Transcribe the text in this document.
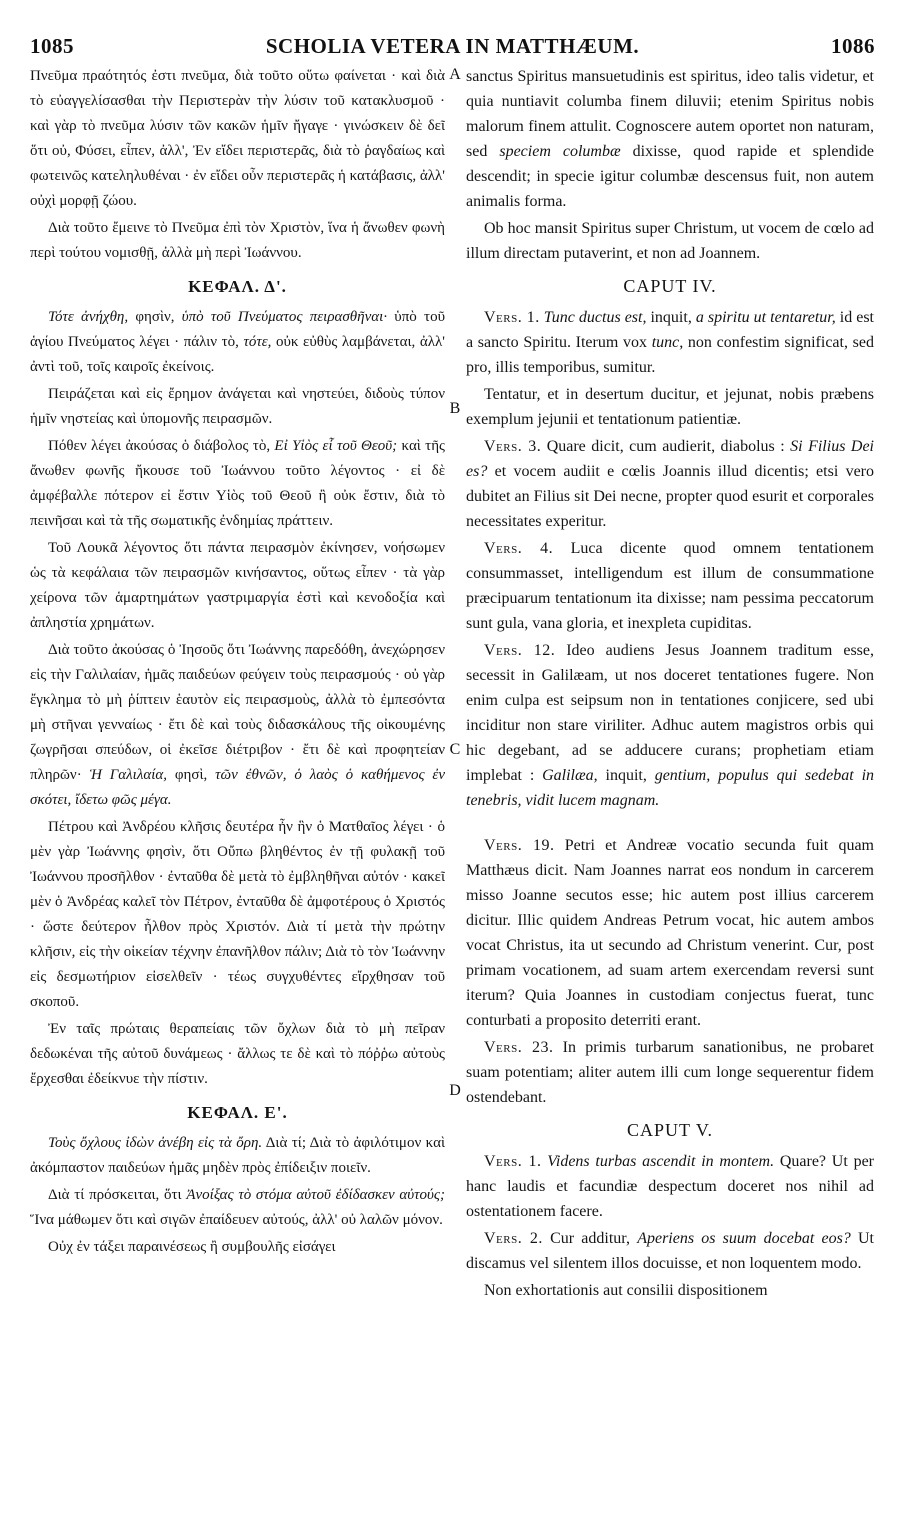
1085	SCHOLIA VETERA IN MATTHÆUM.	1086
A
B
C
D

Πνεῦμα πραότητός ἐστι πνεῦμα, διὰ τοῦτο οὕτω φαίνεται · καὶ διὰ τὸ εὐαγγελίσασθαι τὴν Περιστερὰν τὴν λύσιν τοῦ κατακλυσμοῦ · καὶ γὰρ τὸ πνεῦμα λύσιν τῶν κακῶν ἡμῖν ἤγαγε · γινώσκειν δὲ δεῖ ὅτι οὐ, Φύσει, εἶπεν, ἀλλ', Ἐν εἴδει περιστερᾶς, διὰ τὸ ῥαγδαίως καὶ φωτεινῶς κατεληλυθέναι · ἐν εἴδει οὖν περιστερᾶς ἡ κατάβασις, ἀλλ' οὐχὶ μορφῇ ζώου.

Διὰ τοῦτο ἔμεινε τὸ Πνεῦμα ἐπὶ τὸν Χριστὸν, ἵνα ἡ ἄνωθεν φωνὴ περὶ τούτου νομισθῇ, ἀλλὰ μὴ περὶ Ἰωάννου.

ΚΕΦΑΛ. Δ'.

Τότε ἀνήχθη, φησὶν, ὑπὸ τοῦ Πνεύματος πειρασθῆναι· ὑπὸ τοῦ ἁγίου Πνεύματος λέγει · πάλιν τὸ, τότε, οὐκ εὐθὺς λαμβάνεται, ἀλλ' ἀντὶ τοῦ, τοῖς καιροῖς ἐκείνοις.

Πειράζεται καὶ εἰς ἔρημον ἀνάγεται καὶ νηστεύει, διδοὺς τύπον ἡμῖν νηστείας καὶ ὑπομονῆς πειρασμῶν.

Πόθεν λέγει ἀκούσας ὁ διάβολος τὸ, Εἰ Υἱὸς εἶ τοῦ Θεοῦ; καὶ τῆς ἄνωθεν φωνῆς ἤκουσε τοῦ Ἰωάννου τοῦτο λέγοντος · εἰ δὲ ἀμφέβαλλε πότερον εἰ ἔστιν Υἱὸς τοῦ Θεοῦ ἢ οὐκ ἔστιν, διὰ τὸ πεινῆσαι καὶ τὰ τῆς σωματικῆς ἐνδημίας πράττειν.

Τοῦ Λουκᾶ λέγοντος ὅτι πάντα πειρασμὸν ἐκίνησεν, νοήσωμεν ὡς τὰ κεφάλαια τῶν πειρασμῶν κινήσαντος, οὕτως εἶπεν · τὰ γὰρ χείρονα τῶν ἁμαρτημάτων γαστριμαργία ἐστὶ καὶ κενοδοξία καὶ ἀπληστία χρημάτων.

Διὰ τοῦτο ἀκούσας ὁ Ἰησοῦς ὅτι Ἰωάννης παρεδόθη, ἀνεχώρησεν εἰς τὴν Γαλιλαίαν, ἡμᾶς παιδεύων φεύγειν τοὺς πειρασμούς · οὐ γὰρ ἔγκλημα τὸ μὴ ῥίπτειν ἑαυτὸν εἰς πειρασμοὺς, ἀλλὰ τὸ ἐμπεσόντα μὴ στῆναι γενναίως · ἔτι δὲ καὶ τοὺς διδασκάλους τῆς οἰκουμένης ζωγρῆσαι σπεύδων, οἱ ἐκεῖσε διέτριβον · ἔτι δὲ καὶ προφητείαν πληρῶν· Ἡ Γαλιλαία, φησὶ, τῶν ἐθνῶν, ὁ λαὸς ὁ καθήμενος ἐν σκότει, ἴδετω φῶς μέγα.

Πέτρου καὶ Ἀνδρέου κλῆσις δευτέρα ἦν ἣν ὁ Ματθαῖος λέγει · ὁ μὲν γὰρ Ἰωάννης φησὶν, ὅτι Οὔπω βληθέντος ἐν τῇ φυλακῇ τοῦ Ἰωάννου προσῆλθον · ἐνταῦθα δὲ μετὰ τὸ ἐμβληθῆναι αὐτόν · κακεῖ μὲν ὁ Ἀνδρέας καλεῖ τὸν Πέτρον, ἐνταῦθα δὲ ἀμφοτέρους ὁ Χριστός · ὥστε δεύτερον ἦλθον πρὸς Χριστόν. Διὰ τί μετὰ τὴν πρώτην κλῆσιν, εἰς τὴν οἰκείαν τέχνην ἐπανῆλθον πάλιν; Διὰ τὸ τὸν Ἰωάννην εἰς δεσμωτήριον εἰσελθεῖν · τέως συγχυθέντες εἴρχθησαν τοῦ σκοποῦ.

Ἐν ταῖς πρώταις θεραπείαις τῶν ὄχλων διὰ τὸ μὴ πεῖραν δεδωκέναι τῆς αὐτοῦ δυνάμεως · ἄλλως τε δὲ καὶ τὸ πόῤῥω αὐτοὺς ἔρχεσθαι ἐδείκνυε τὴν πίστιν.

ΚΕΦΑΛ. Ε'.

Τοὺς ὄχλους ἰδὼν ἀνέβη εἰς τὰ ὄρη. Διὰ τί; Διὰ τὸ ἀφιλότιμον καὶ ἀκόμπαστον παιδεύων ἡμᾶς μηδὲν πρὸς ἐπίδειξιν ποιεῖν.

Διὰ τί πρόσκειται, ὅτι Ἀνοίξας τὸ στόμα αὐτοῦ ἐδίδασκεν αὐτούς; Ἵνα μάθωμεν ὅτι καὶ σιγῶν ἐπαίδευεν αὐτούς, ἀλλ' οὐ λαλῶν μόνον.

Οὐχ ἐν τάξει παραινέσεως ἢ συμβουλῆς εἰσάγει

sanctus Spiritus mansuetudinis est spiritus, ideo talis videtur, et quia nuntiavit columba finem diluvii; etenim Spiritus nobis malorum finem attulit. Cognoscere autem oportet non naturam, sed speciem columbæ dixisse, quod rapide et splendide descendit; in specie igitur columbæ descensus fuit, non autem animalis forma.

Ob hoc mansit Spiritus super Christum, ut vocem de cœlo ad illum directam putaverint, et non ad Joannem.

CAPUT IV.

Vers. 1. Tunc ductus est, inquit, a spiritu ut tentaretur, id est a sancto Spiritu. Iterum vox tunc, non confestim significat, sed pro, illis temporibus, sumitur.

Tentatur, et in desertum ducitur, et jejunat, nobis præbens exemplum jejunii et tentationum patientiæ.

Vers. 3. Quare dicit, cum audierit, diabolus : Si Filius Dei es? et vocem audiit e cœlis Joannis illud dicentis; etsi vero dubitet an Filius sit Dei necne, propter quod esurit et corporales necessitates experitur.

Vers. 4. Luca dicente quod omnem tentationem consummasset, intelligendum est illum de consummatione præcipuarum tentationum ita dixisse; nam pessima peccatorum sunt gula, vana gloria, et inexpleta cupiditas.

Vers. 12. Ideo audiens Jesus Joannem traditum esse, secessit in Galilæam, ut nos doceret tentationes fugere. Non enim culpa est seipsum non in tentationes conjicere, sed ubi inciditur non stare viriliter. Adhuc autem magistros orbis qui hic degebant, ad se adducere curans; prophetiam etiam implebat : Galilæa, inquit, gentium, populus qui sedebat in tenebris, vidit lucem magnam.

Vers. 19. Petri et Andreæ vocatio secunda fuit quam Matthæus dicit. Nam Joannes narrat eos nondum in carcerem misso Joanne secutos esse; hic autem post illius carcerem dicitur. Illic quidem Andreas Petrum vocat, hic autem ambos vocat Christus, ita ut secundo ad Christum venerint. Cur, post primam vocationem, ad suam artem exercendam reversi sunt iterum? Quia Joannes in custodiam conjectus fuerat, tunc conturbati a proposito deterriti erant.

Vers. 23. In primis turbarum sanationibus, ne probaret suam potentiam; aliter autem illi cum longe sequerentur fidem ostendebant.

CAPUT V.

Vers. 1. Videns turbas ascendit in montem. Quare? Ut per hanc laudis et facundiæ despectum doceret nos nihil ad ostentationem facere.

Vers. 2. Cur additur, Aperiens os suum docebat eos? Ut discamus vel silentem illos docuisse, et non loquentem modo.

Non exhortationis aut consilii dispositionem
